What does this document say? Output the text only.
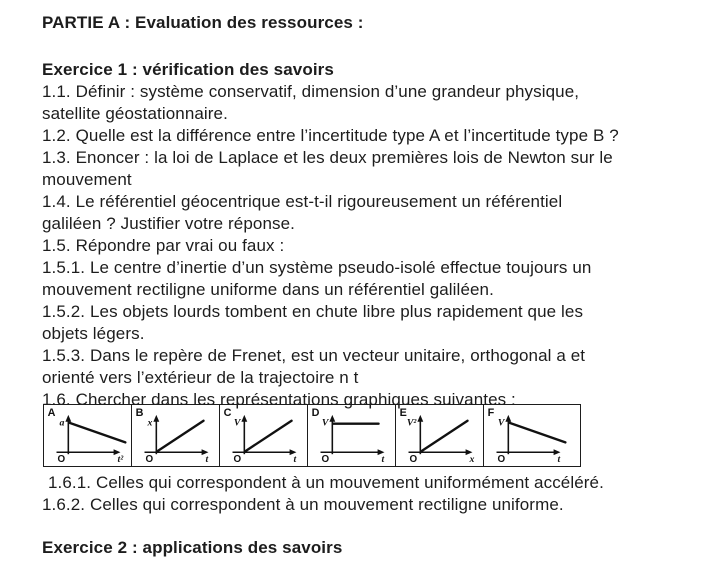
PARTIE A : Evaluation des ressources :
Exercice 1 : vérification des savoirs
1.1. Définir : système conservatif, dimension d’une grandeur physique,
satellite géostationnaire.
1.2. Quelle est la différence entre l’incertitude type A et l’incertitude type B ?
1.3. Enoncer : la loi de Laplace et les deux premières lois de Newton sur le
mouvement
1.4. Le référentiel géocentrique est-t-il rigoureusement un référentiel
galiléen ? Justifier votre réponse.
1.5. Répondre par vrai ou faux :
1.5.1. Le centre d’inertie d’un système pseudo-isolé effectue toujours un
mouvement rectiligne uniforme dans un référentiel galiléen.
1.5.2. Les objets lourds tombent en chute libre plus rapidement que les
objets légers.
1.5.3. Dans le repère de Frenet, est un vecteur unitaire, orthogonal a et
orienté vers l’extérieur de la trajectoire n t
1.6. Chercher dans les représentations graphiques suivantes :
A
O
a
t²
B
O
x
t
C
O
V
t
D
O
V
t
E
O
V²
x
F
O
V
t
1.6.1. Celles qui correspondent à un mouvement uniformément accéléré.
1.6.2. Celles qui correspondent à un mouvement rectiligne uniforme.
Exercice 2 : applications des savoirs
